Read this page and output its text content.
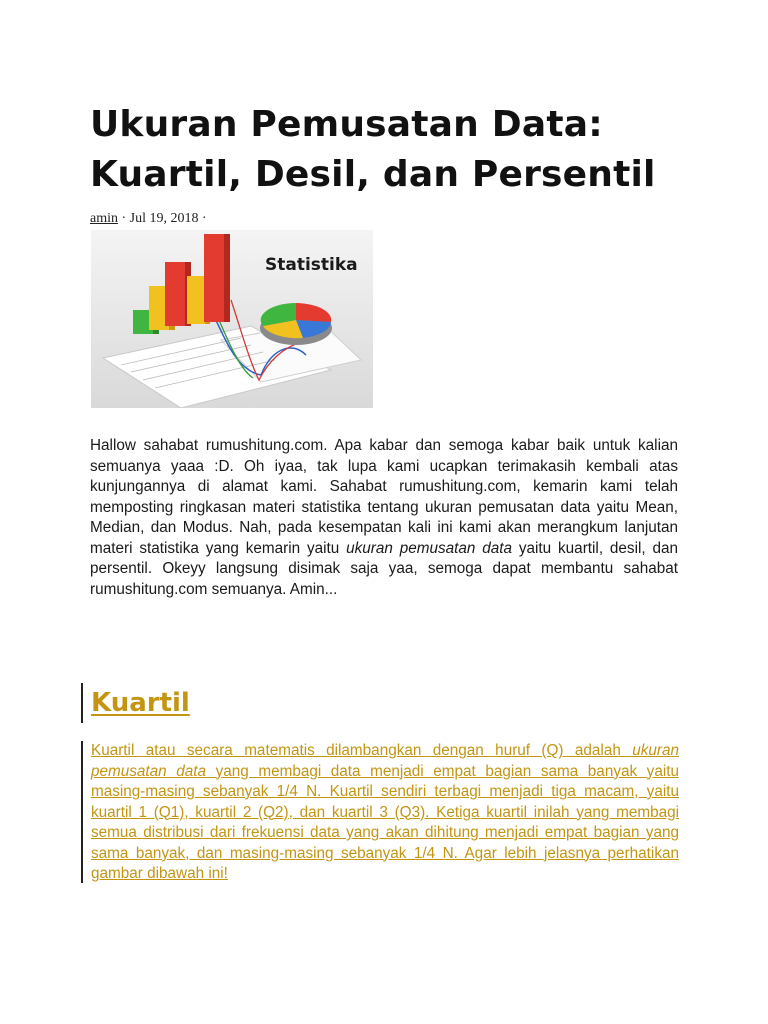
Ukuran Pemusatan Data:
Kuartil, Desil, dan Persentil
amin · Jul 19, 2018 ·
Statistika

Hallow sahabat rumushitung.com. Apa kabar dan semoga kabar baik untuk kalian semuanya yaaa :D. Oh iyaa, tak lupa kami ucapkan terimakasih kembali atas kunjungannya di alamat kami. Sahabat rumushitung.com, kemarin kami telah memposting ringkasan materi statistika tentang ukuran pemusatan data yaitu Mean, Median, dan Modus. Nah, pada kesempatan kali ini kami akan merangkum lanjutan materi statistika yang kemarin yaitu ukuran pemusatan data yaitu kuartil, desil, dan persentil. Okeyy langsung disimak saja yaa, semoga dapat membantu sahabat rumushitung.com semuanya. Amin...

Kuartil

Kuartil atau secara matematis dilambangkan dengan huruf (Q) adalah ukuran pemusatan data yang membagi data menjadi empat bagian sama banyak yaitu masing-masing sebanyak 1/4 N. Kuartil sendiri terbagi menjadi tiga macam, yaitu kuartil 1 (Q1), kuartil 2 (Q2), dan kuartil 3 (Q3). Ketiga kuartil inilah yang membagi semua distribusi dari frekuensi data yang akan dihitung menjadi empat bagian yang sama banyak, dan masing-masing sebanyak 1/4 N. Agar lebih jelasnya perhatikan gambar dibawah ini!
